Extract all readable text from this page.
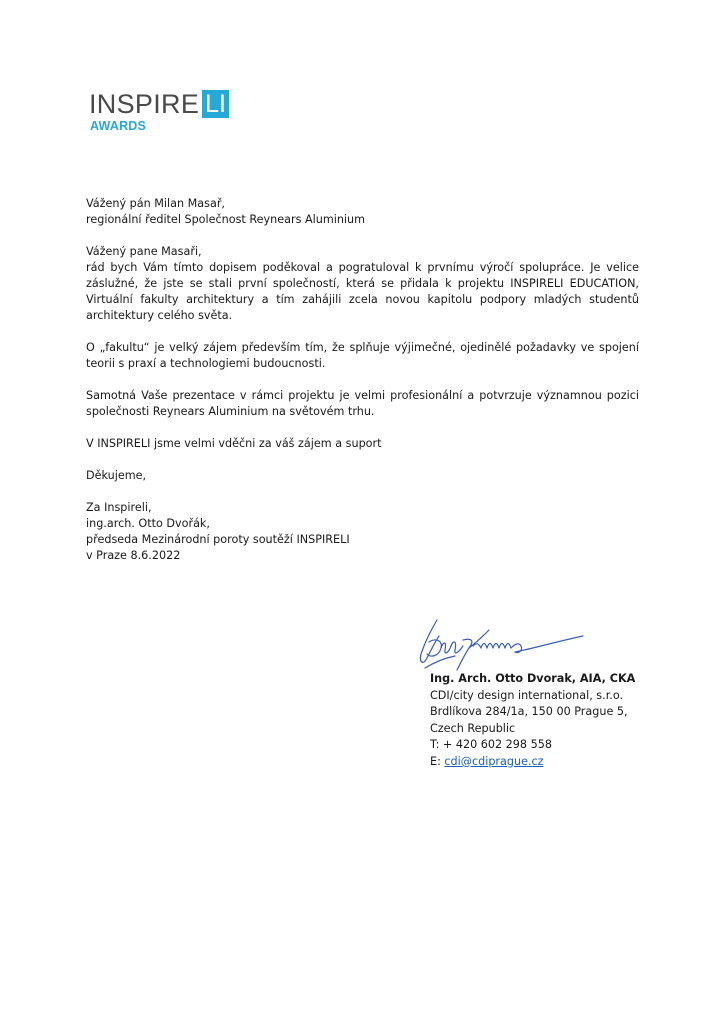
INSPIRE LI
AWARDS

Vážený pán Milan Masař,
regionální ředitel Společnost Reynears Aluminium

Vážený pane Masaři,
rád bych Vám tímto dopisem poděkoval a pogratuloval k prvnímu výročí spolupráce. Je velice záslužné, že jste se stali první společností, která se přidala k projektu INSPIRELI EDUCATION, Virtuální fakulty architektury a tím zahájili zcela novou kapitolu podpory mladých studentů architektury celého světa.

O „fakultu“ je velký zájem především tím, že splňuje výjimečné, ojedinělé požadavky ve spojení teorii s praxí a technologiemi budoucnosti.

Samotná Vaše prezentace v rámci projektu je velmi profesionální a potvrzuje významnou pozici společnosti Reynears Aluminium na světovém trhu.

V INSPIRELI jsme velmi vděčni za váš zájem a suport

Děkujeme,

Za Inspireli,
ing.arch. Otto Dvořák,
předseda Mezinárodní poroty soutěží INSPIRELI
v Praze 8.6.2022

Ing. Arch. Otto Dvorak, AIA, CKA
CDI/city design international, s.r.o.
Brdlíkova 284/1a, 150 00 Prague 5,
Czech Republic
T: + 420 602 298 558
E: cdi@cdiprague.cz
